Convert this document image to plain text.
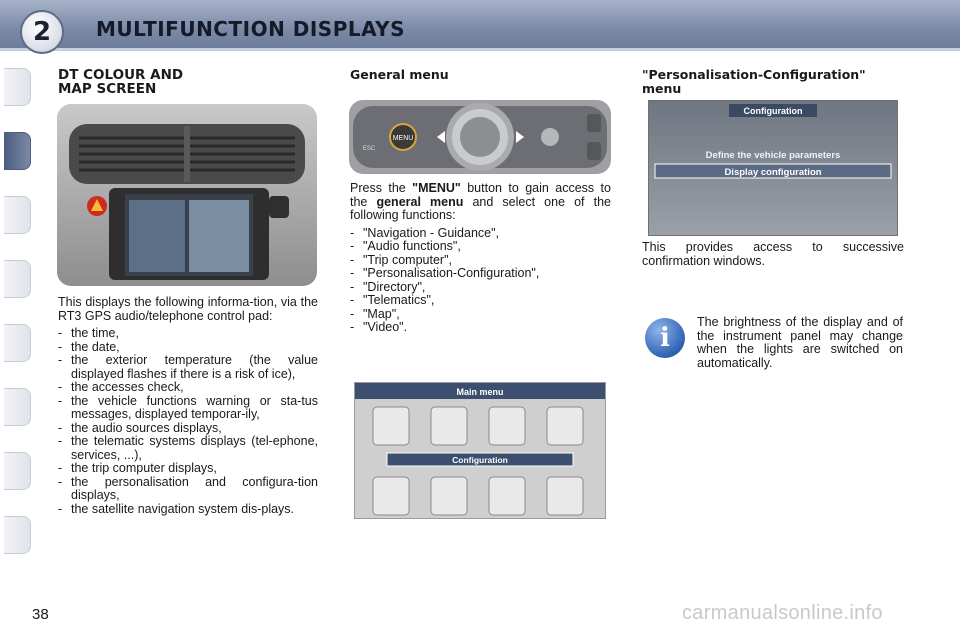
2	MULTIFUNCTION DISPLAYS
DT COLOUR AND
MAP SCREEN

This displays the following informa-tion, via the RT3 GPS audio/telephone control pad:

- the time,
- the date,
- the exterior temperature (the value displayed flashes if there is a risk of ice),
- the accesses check,
- the vehicle functions warning or sta-tus messages, displayed temporar-ily,
- the audio sources displays,
- the telematic systems displays (tel-ephone, services, ...),
- the trip computer displays,
- the personalisation and configura-tion displays,
- the satellite navigation system dis-plays.
General menu
MENU
ESC

Press the "MENU" button to gain access to the general menu and select one of the following functions:

- "Navigation - Guidance",
- "Audio functions",
- "Trip computer",
- "Personalisation-Configuration",
- "Directory",
- "Telematics",
- "Map",
- "Video".
Main menu
Configuration
"Personalisation-Configuration" menu
Configuration
Define the vehicle parameters
Display configuration

This provides access to successive confirmation windows.

i

The brightness of the display and of the instrument panel may change when the lights are switched on automatically.

38	carmanualsonline.info
